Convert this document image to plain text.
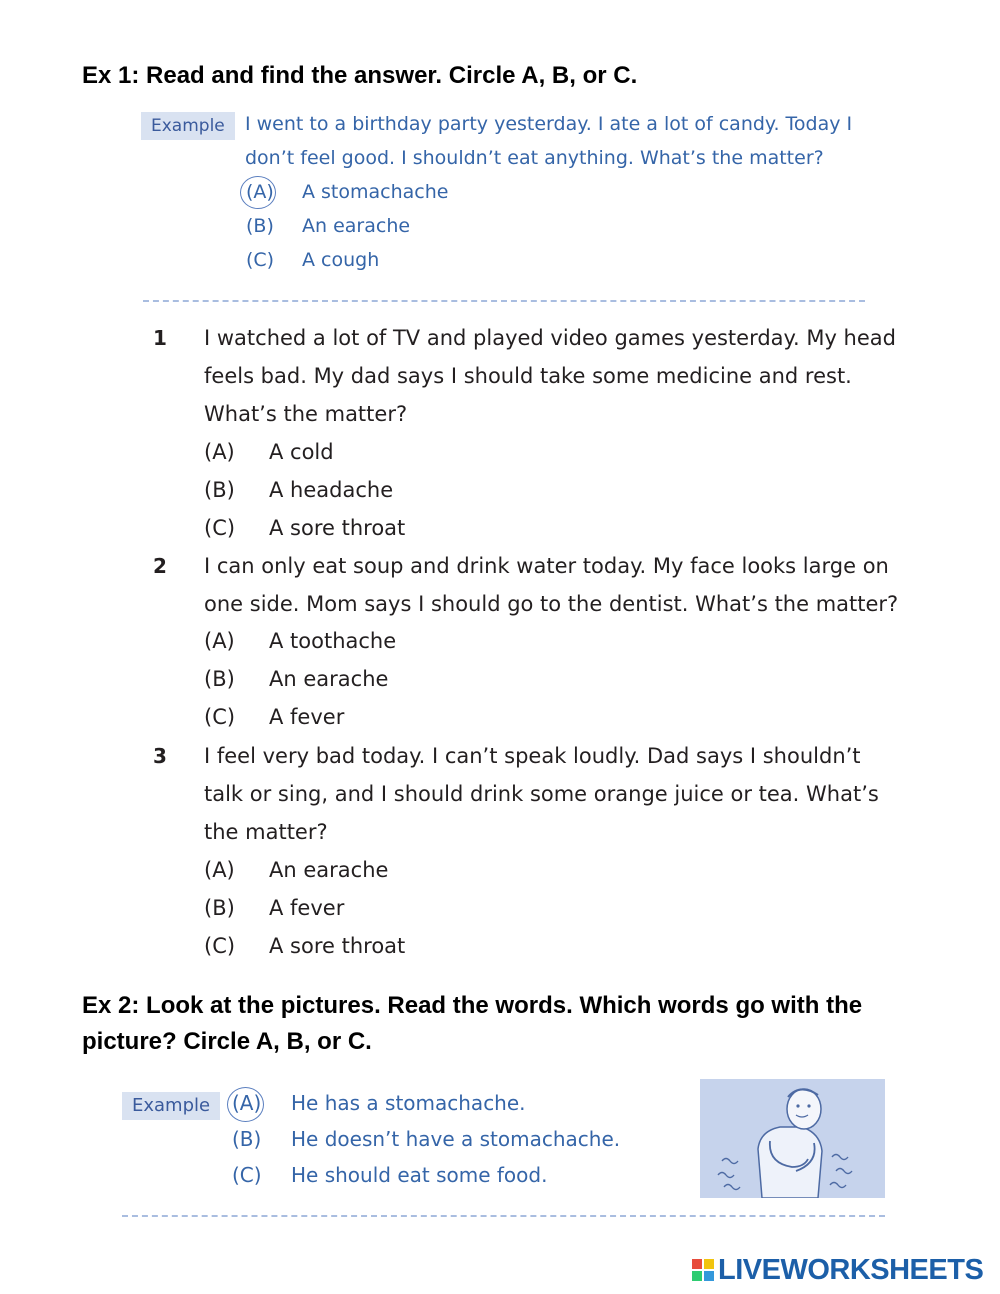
Ex 1: Read and find the answer. Circle A, B, or C.
Example	I went to a birthday party yesterday. I ate a lot of candy. Today I

don’t feel good. I shouldn’t eat anything. What’s the matter?

(A) A stomachache
(B) An earache
(C) A cough
1 I watched a lot of TV and played video games yesterday. My head

feels bad. My dad says I should take some medicine and rest.

What’s the matter?

(A) A cold
(B) A headache
(C) A sore throat
2 I can only eat soup and drink water today. My face looks large on

one side. Mom says I should go to the dentist. What’s the matter?

(A) A toothache
(B) An earache
(C) A fever
3 I feel very bad today. I can’t speak loudly. Dad says I shouldn’t

talk or sing, and I should drink some orange juice or tea. What’s

the matter?

(A) An earache
(B) A fever
(C) A sore throat
Ex 2: Look at the pictures. Read the words. Which words go with the
picture? Circle A, B, or C.
Example	(A) He has a stomachache.
(B) He doesn’t have a stomachache.
(C) He should eat some food.
LIVEWORKSHEETS
